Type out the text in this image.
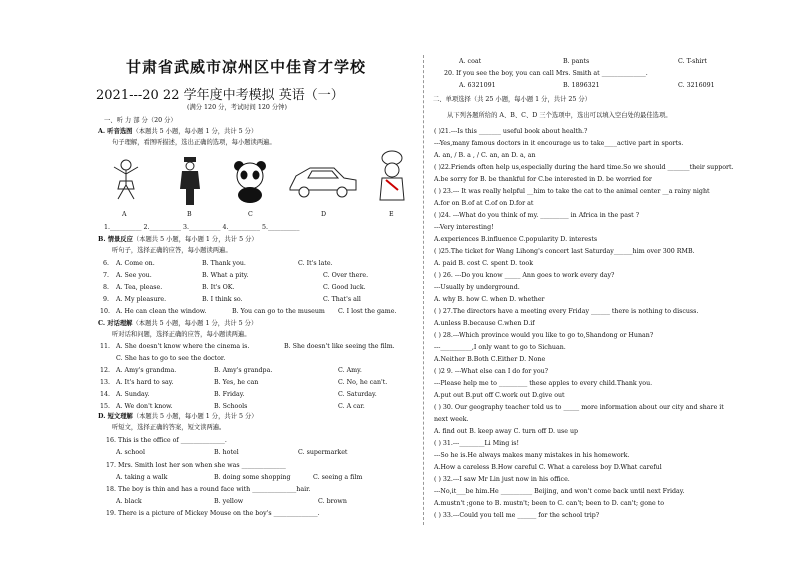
甘肃省武威市凉州区中佳育才学校
2021---20 22 学年度中考模拟 英语（一）
(满分 120 分，考试时间 120 分钟)
一、听 力 部 分（20 分）
A. 听音选图（本题共 5 小题，每小题 1 分，共计 5 分）
句子理解，看图听描述，选出正确的选项，每小题读两遍。
A	B	C	D	E
1.__________ 2.__________ 3.__________ 4.__________ 5.__________
B. 情景反应（本题共 5 小题，每小题 1 分，共计 5 分）
听句子，选择正确的应答，每小题读两遍。
6. A. Come on.	B. Thank you.	C. It's late.
7. A. See you.	B. What a pity.	C. Over there.
8. A. Tea, please.	B. It's OK.	C. Good luck.
9. A. My pleasure.	B. I think so.	C. That's all
10. A. He can clean the window.	B. You can go to the museum C. I lost the game.
C. 对话理解（本题共 5 小题，每小题 1 分，共计 5 分）
听对话和问题，选择正确的应答，每小题读两遍。
11. A. She doesn't know where the cinema is.	B. She doesn't like seeing the film.
C. She has to go to see the doctor.
12. A. Amy's grandma.	B. Amy's grandpa.	C. Amy.
13. A. It's hard to say.	B. Yes, he can	C. No, he can't.
14. A. Sunday.	B. Friday.	C. Saturday.
15. A. We don't know.	B. Schools	C. A car.
D. 短文理解（本题共 5 小题，每小题 1 分，共计 5 分）
听短文，选择正确的答案，短文读两遍。
16. This is the office of ______________.
A. school	B. hotel	C. supermarket
17. Mrs. Smith lost her son when she was ______________
A. taking a walk	B. doing some shopping	C. seeing a film
18. The boy is thin and has a round face with ______________hair.
A. black	B. yellow	C. brown
19. There is a picture of Mickey Mouse on the boy's ______________.
A. coat	B. pants	C. T-shirt
20. If you see the boy, you can call Mrs. Smith at ______________.
A. 6321091	B. 1896321	C. 3216091
二、单项选择（共 25 小题，每小题 1 分，共计 25 分）
从下列各题所给的 A、B、C、D 三个选项中，选出可以填入空白处的最佳选项。
( )21.---Is this _______ useful book about health.?
---Yes,many famous doctors in it encourage us to take____active part in sports.
A. an, / B. a , / C. an, an D. a, an
( )22.Friends often help us,especially during the hard time.So we should _______their support.
A.be sorry for B. be thankful for C.be interested in D. be worried for
( ) 23.--- It was really helpful __him to take the cat to the animal center __a rainy night
A.for on B.of at C.of on D.for at
( )24. ---What do you think of my. _________ in Africa in the past ?
---Very interesting!
A.experiences B.influence C.popularity D. interests
( )25.The ticket for Wang Lihong's concert last Saturday______him over 300 RMB.
A. paid B. cost C. spent D. took
( ) 26. ---Do you know _____ Ann goes to work every day?
---Usually by underground.
A. why B. how C. when D. whether
( ) 27.The directors have a meeting every Friday ______ there is nothing to discuss.
A.unless B.because C.when D.if
( ) 28.---Which province would you like to go to,Shandong or Hunan?
---__________,I only want to go to Sichuan.
A.Neither B.Both C.Either D. None
( )2 9. ---What else can I do for you?
---Please help me to _________ these apples to every child.Thank you.
A.put out B.put off C.work out D.give out
( ) 30. Our geography teacher told us to _____ more information about our city and share it
next week.
A. find out B. keep away C. turn off D. use up
( ) 31.---________Li Ming is!
---So he is.He always makes many mistakes in his homework.
A.How a careless B.How careful C. What a careless boy D.What careful
( ) 32.---I saw Mr Lin just now in his office.
---No,it___be him.He __________ Beijing, and won't come back until next Friday.
A.mustn't ;gone to B. mustn't; been to C. can't; been to D. can't; gone to
( ) 33.---Could you tell me ______ for the school trip?
